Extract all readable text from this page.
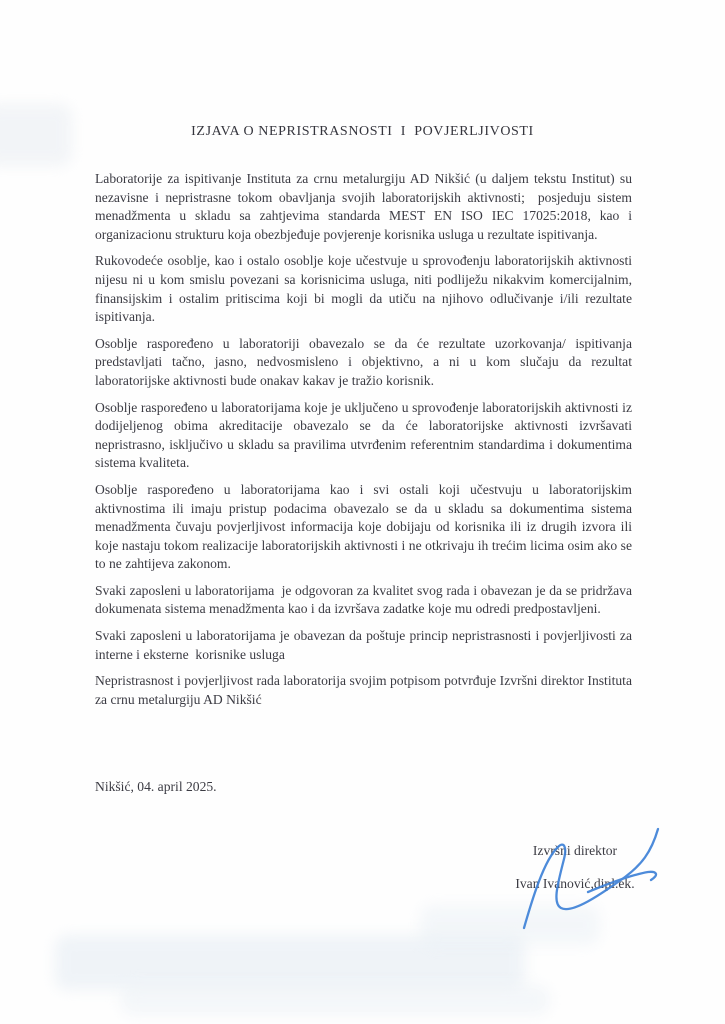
IZJAVA O NEPRISTRASNOSTI  I  POVJERLJIVOSTI

Laboratorije za ispitivanje Instituta za crnu metalurgiju AD Nikšić (u daljem tekstu Institut) su nezavisne i nepristrasne tokom obavljanja svojih laboratorijskih aktivnosti;  posjeduju sistem menadžmenta u skladu sa zahtjevima standarda MEST EN ISO IEC 17025:2018, kao i organizacionu strukturu koja obezbjeđuje povjerenje korisnika usluga u rezultate ispitivanja.

Rukovodeće osoblje, kao i ostalo osoblje koje učestvuje u sprovođenju laboratorijskih aktivnosti nijesu ni u kom smislu povezani sa korisnicima usluga, niti podliježu nikakvim komercijalnim, finansijskim i ostalim pritiscima koji bi mogli da utiču na njihovo odlučivanje i/ili rezultate ispitivanja.

Osoblje raspoređeno u laboratoriji obavezalo se da će rezultate uzorkovanja/ ispitivanja predstavljati tačno, jasno, nedvosmisleno i objektivno, a ni u kom slučaju da rezultat laboratorijske aktivnosti bude onakav kakav je tražio korisnik.

Osoblje raspoređeno u laboratorijama koje je uključeno u sprovođenje laboratorijskih aktivnosti iz dodijeljenog obima akreditacije obavezalo se da će laboratorijske aktivnosti izvršavati nepristrasno, isključivo u skladu sa pravilima utvrđenim referentnim standardima i dokumentima sistema kvaliteta.

Osoblje raspoređeno u laboratorijama kao i svi ostali koji učestvuju u laboratorijskim aktivnostima ili imaju pristup podacima obavezalo se da u skladu sa dokumentima sistema menadžmenta čuvaju povjerljivost informacija koje dobijaju od korisnika ili iz drugih izvora ili koje nastaju tokom realizacije laboratorijskih aktivnosti i ne otkrivaju ih trećim licima osim ako se to ne zahtijeva zakonom.

Svaki zaposleni u laboratorijama  je odgovoran za kvalitet svog rada i obavezan je da se pridržava dokumenata sistema menadžmenta kao i da izvršava zadatke koje mu odredi predpostavljeni.

Svaki zaposleni u laboratorijama je obavezan da poštuje princip nepristrasnosti i povjerljivosti za interne i eksterne  korisnike usluga

Nepristrasnost i povjerljivost rada laboratorija svojim potpisom potvrđuje Izvršni direktor Instituta za crnu metalurgiju AD Nikšić

Nikšić, 04. april 2025.
Izvršni direktor
Ivan Ivanović,dipl.ek.
